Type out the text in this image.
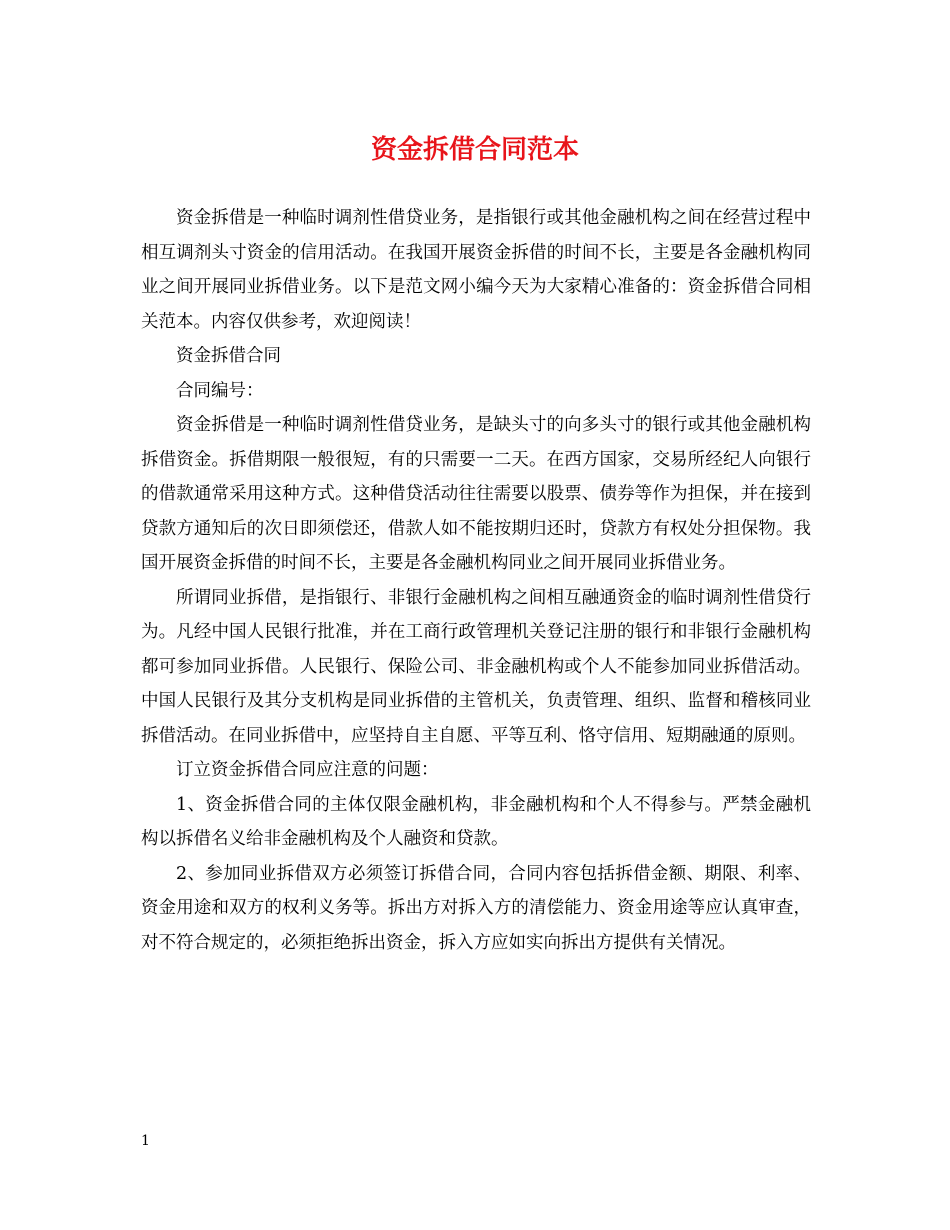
资金拆借合同范本

资金拆借是一种临时调剂性借贷业务，是指银行或其他金融机构之间在经营过程中相互调剂头寸资金的信用活动。在我国开展资金拆借的时间不长，主要是各金融机构同业之间开展同业拆借业务。以下是范文网小编今天为大家精心准备的：资金拆借合同相关范本。内容仅供参考，欢迎阅读！

资金拆借合同

合同编号：

资金拆借是一种临时调剂性借贷业务，是缺头寸的向多头寸的银行或其他金融机构拆借资金。拆借期限一般很短，有的只需要一二天。在西方国家，交易所经纪人向银行的借款通常采用这种方式。这种借贷活动往往需要以股票、债券等作为担保，并在接到贷款方通知后的次日即须偿还，借款人如不能按期归还时，贷款方有权处分担保物。我国开展资金拆借的时间不长，主要是各金融机构同业之间开展同业拆借业务。

所谓同业拆借，是指银行、非银行金融机构之间相互融通资金的临时调剂性借贷行为。凡经中国人民银行批准，并在工商行政管理机关登记注册的银行和非银行金融机构都可参加同业拆借。人民银行、保险公司、非金融机构或个人不能参加同业拆借活动。中国人民银行及其分支机构是同业拆借的主管机关，负责管理、组织、监督和稽核同业拆借活动。在同业拆借中，应坚持自主自愿、平等互利、恪守信用、短期融通的原则。

订立资金拆借合同应注意的问题：

1、资金拆借合同的主体仅限金融机构，非金融机构和个人不得参与。严禁金融机构以拆借名义给非金融机构及个人融资和贷款。

2、参加同业拆借双方必须签订拆借合同，合同内容包括拆借金额、期限、利率、资金用途和双方的权利义务等。拆出方对拆入方的清偿能力、资金用途等应认真审查，对不符合规定的，必须拒绝拆出资金，拆入方应如实向拆出方提供有关情况。

1
